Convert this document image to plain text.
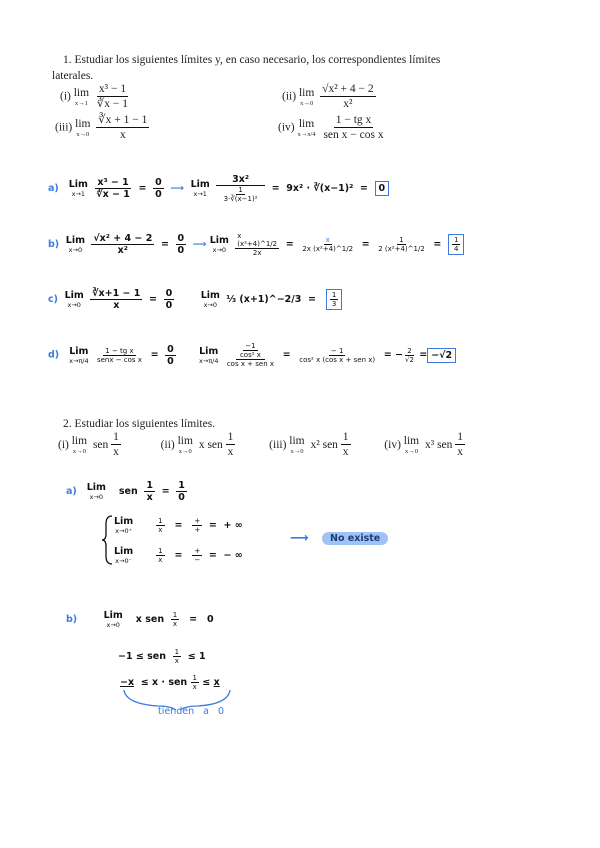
1. Estudiar los siguientes límites y, en caso necesario, los correspondientes límites
laterales.
(i) lim
x→1
$\frac{\text{x³ − 1}}{∛x - 1}$	(ii) lim
x→0
$\frac{\text{√x² + 4 − 2}}{\text{x²}}$
(iii) lim
x→0
$\frac{∛x + 1 - 1}{x}$	(iv) lim
x→π/4
$\frac{\text{1 − tg x}}{\text{sen x − cos x}}$
a) Lim
x→1
$\frac{\text{x³ − 1}}{∛x - 1} = \frac{0}{0}$ ⟶ Lim
x→1
$\frac{\text{3x²}}{\frac{1}{\text{3·∛(x−1)²}}} = 9x^2$ · ∛(x−1)² = 0
b) Lim
x→0
$\frac{\text{√x² + 4 − 2}}{\text{x²}} = \frac{0}{0}$ ⟶ Lim
x→0

x
(x²+4)^1/2
2x
= $\frac{x}{\text{2x (x²+4)\textasciicircum{}1/2}} = \frac{1}{\text{2 (x²+4)\textasciicircum{}1/2}} = \frac{1}{4}$
c) Lim
x→0
$\frac{∛x+1 - 1}{x} = \frac{0}{0}$
	Lim
x→0 ⅓ (x+1)^−2/3 = $\frac{1}{3}$
d) Lim
x→π/4
$\frac{\text{1 − tg x}}{\text{senx − cos x}} = \frac{0}{0}$
Lim
x→π/4
$\frac{\frac{-1}{\text{cos² x}}}{\text{cos x + sen x}} = \frac{- 1}{\text{cos² x (cos x + sen x)}}$ = − $\frac{2}{√2} = -√2$
2. Estudiar los siguientes límites.
(i) lim
x→0
sen $\frac{1}{x}$	(ii) lim
x→0
x sen $\frac{1}{x}$	(iii) lim
x→0
x² sen $\frac{1}{x}$	(iv) lim
x→0
x³ sen $\frac{1}{x}$
a) Lim
x→0 sen $\frac{1}{x} = \frac{1}{0}$
Lim
x→0⁺
	$\frac{1}{x} = \frac{+}{+}$ = + ∞
Lim
x→0⁻
	$\frac{1}{x} = \frac{+}{-}$ = − ∞
⟶	No existe
b)	Lim
x→0 x sen $\frac{1}{x} = 0$
−1 ≤ sen $\frac{1}{x} \le 1$
−x ≤ x · sen $\frac{1}{x} \le x$
tienden a 0
